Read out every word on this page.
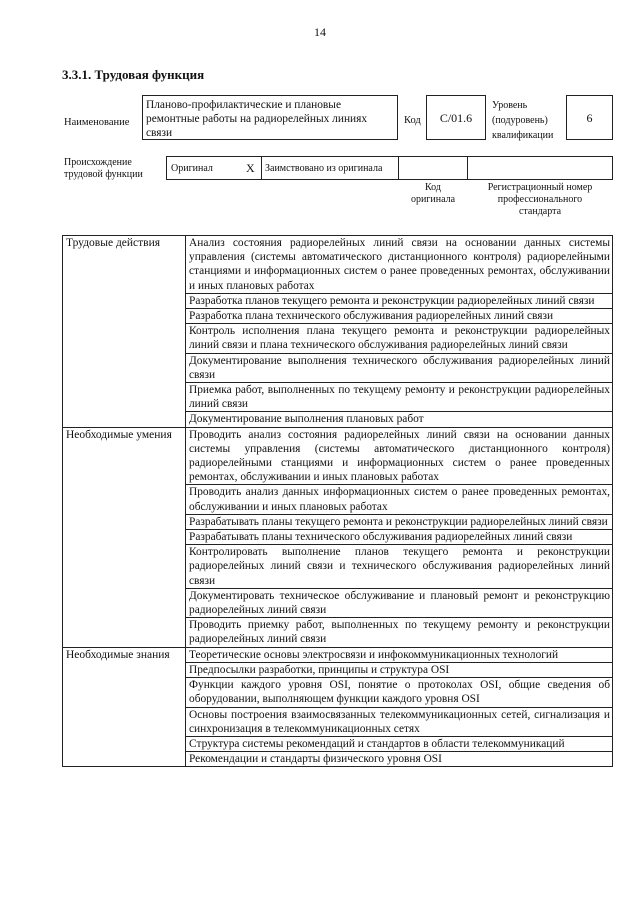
14
3.3.1. Трудовая функция
Наименование
Планово-профилактические и плановые ремонтные работы на радиорелейных линиях связи
Код	C/01.6
Уровень (подуровень) квалификации
6
Происхождение трудовой функции
Оригинал	X Заимствовано из оригинала
Код оригинала
Регистрационный номер профессионального стандарта
Трудовые действия	Анализ состояния радиорелейных линий связи на основании данных системы управления (системы автоматического дистанционного контроля) радиорелейными станциями и информационных систем о ранее проведенных ремонтах, обслуживании и иных плановых работах
	Разработка планов текущего ремонта и реконструкции радиорелейных линий связи
	Разработка плана технического обслуживания радиорелейных линий связи
	Контроль исполнения плана текущего ремонта и реконструкции радиорелейных линий связи и плана технического обслуживания радиорелейных линий связи
	Документирование выполнения технического обслуживания радиорелейных линий связи
	Приемка работ, выполненных по текущему ремонту и реконструкции радиорелейных линий связи
	Документирование выполнения плановых работ
Необходимые умения	Проводить анализ состояния радиорелейных линий связи на основании данных системы управления (системы автоматического дистанционного контроля) радиорелейными станциями и информационных систем о ранее проведенных ремонтах, обслуживании и иных плановых работах
	Проводить анализ данных информационных систем о ранее проведенных ремонтах, обслуживании и иных плановых работах
	Разрабатывать планы текущего ремонта и реконструкции радиорелейных линий связи
	Разрабатывать планы технического обслуживания радиорелейных линий связи
	Контролировать выполнение планов текущего ремонта и реконструкции радиорелейных линий связи и технического обслуживания радиорелейных линий связи
	Документировать техническое обслуживание и плановый ремонт и реконструкцию радиорелейных линий связи
	Проводить приемку работ, выполненных по текущему ремонту и реконструкции радиорелейных линий связи
Необходимые знания	Теоретические основы электросвязи и инфокоммуникационных технологий
	Предпосылки разработки, принципы и структура OSI
	Функции каждого уровня OSI, понятие о протоколах OSI, общие сведения об оборудовании, выполняющем функции каждого уровня OSI
	Основы построения взаимосвязанных телекоммуникационных сетей, сигнализация и синхронизация в телекоммуникационных сетях
	Структура системы рекомендаций и стандартов в области телекоммуникаций
	Рекомендации и стандарты физического уровня OSI
